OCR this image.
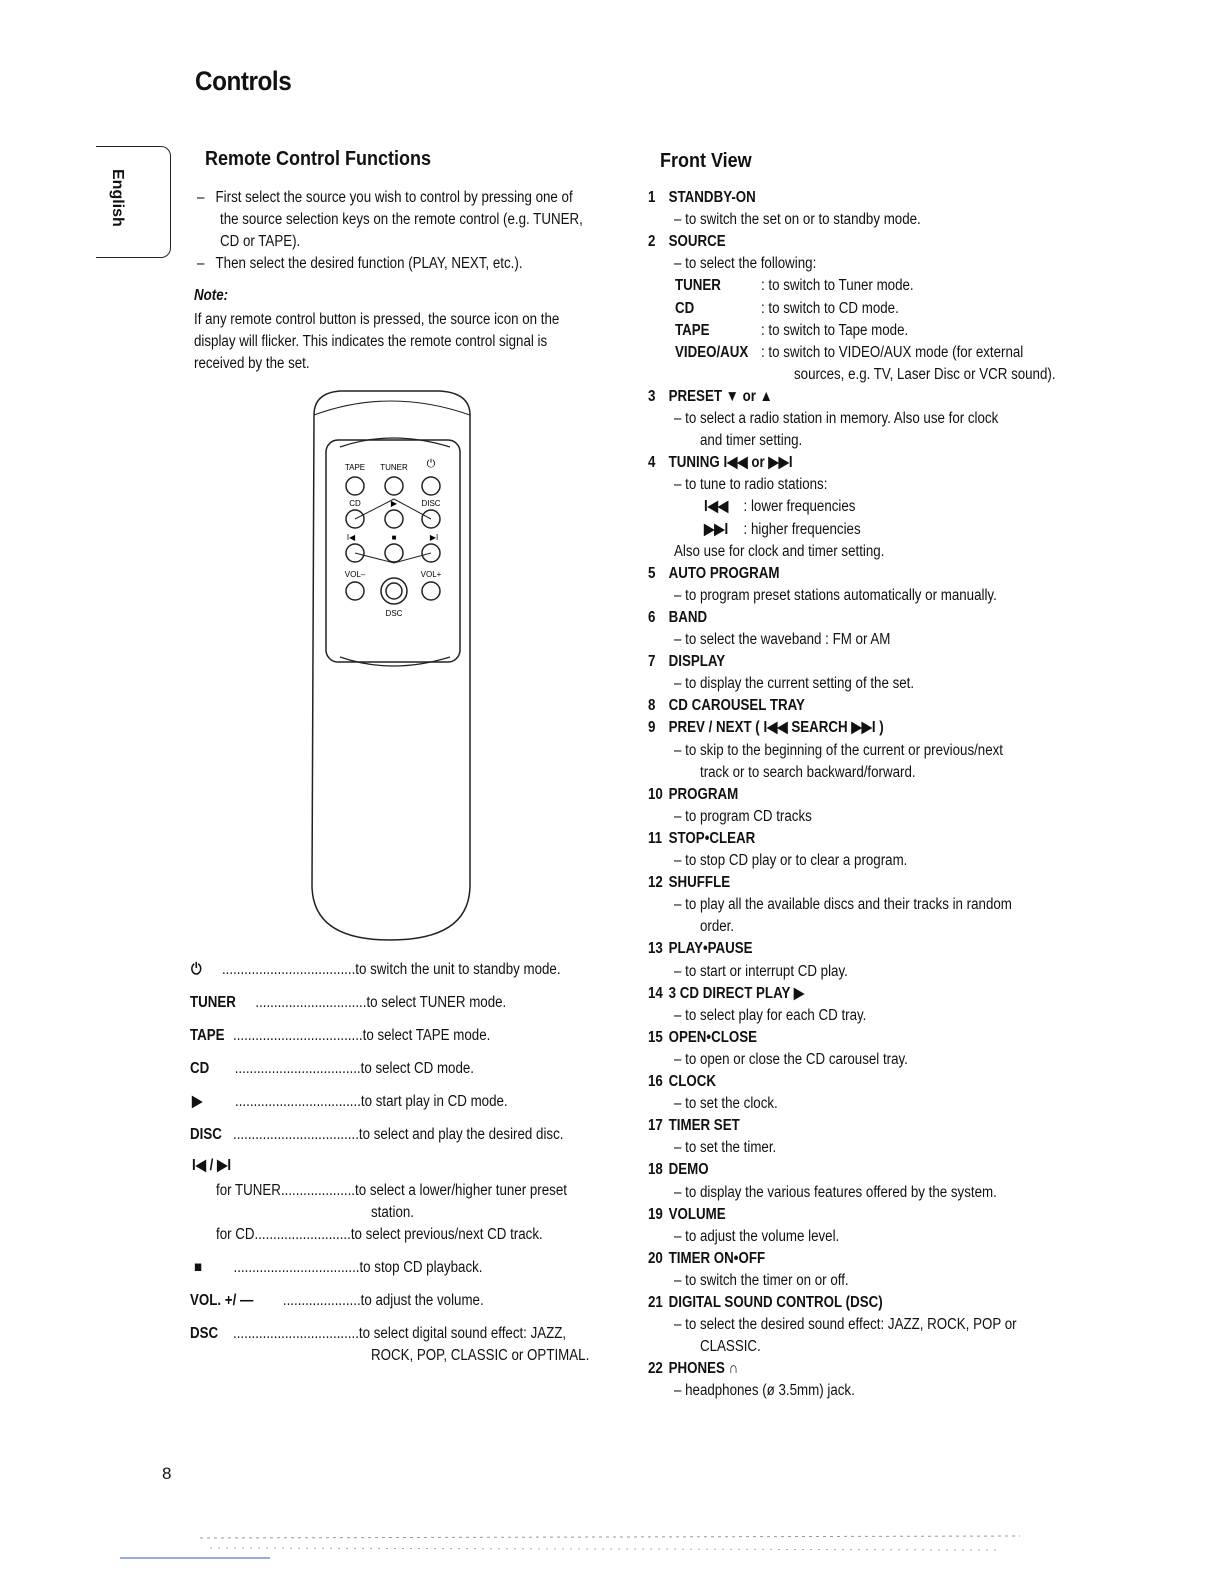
Controls
English
Remote Control Functions
–   First select the source you wish to control by pressing one of
the source selection keys on the remote control (e.g. TUNER,
CD or TAPE).
–   Then select the desired function (PLAY, NEXT, etc.).
Note:
If any remote control button is pressed, the source icon on the
display will flicker. This indicates the remote control signal is
received by the set.
TAPE TUNER ⏻
CD	▶	DISC
I◀	■	▶I
VOL–	VOL+
DSC
⏻ ....................................to switch the unit to standby mode.
TUNER ..............................to select TUNER mode.
TAPE ...................................to select TAPE mode.
CD ..................................to select CD mode.
▶ ..................................to start play in CD mode.
DISC ..................................to select and play the desired disc.
I◀ / ▶I
for TUNER....................to select a lower/higher tuner preset
station.
for CD..........................to select previous/next CD track.
■ ..................................to stop CD playback.
VOL. +/ — .....................to adjust the volume.
DSC ..................................to select digital sound effect: JAZZ,
ROCK, POP, CLASSIC or OPTIMAL.
Front View
1 STANDBY-ON
– to switch the set on or to standby mode.
2 SOURCE
– to select the following:
TUNER	: to switch to Tuner mode.
CD	: to switch to CD mode.
TAPE	: to switch to Tape mode.
VIDEO/AUX : to switch to VIDEO/AUX mode (for external
sources, e.g. TV, Laser Disc or VCR sound).
3 PRESET ▼ or ▲
– to select a radio station in memory. Also use for clock
and timer setting.
4 TUNING I◀◀ or ▶▶I
– to tune to radio stations:
I◀◀ : lower frequencies
▶▶I : higher frequencies
Also use for clock and timer setting.
5 AUTO PROGRAM
– to program preset stations automatically or manually.
6 BAND
– to select the waveband : FM or AM
7 DISPLAY
– to display the current setting of the set.
8 CD CAROUSEL TRAY
9 PREV / NEXT ( I◀◀ SEARCH ▶▶I )
– to skip to the beginning of the current or previous/next
track or to search backward/forward.
10 PROGRAM
– to program CD tracks
11 STOP•CLEAR
– to stop CD play or to clear a program.
12 SHUFFLE
– to play all the available discs and their tracks in random
order.
13 PLAY•PAUSE
– to start or interrupt CD play.
14 3 CD DIRECT PLAY ▶
– to select play for each CD tray.
15 OPEN•CLOSE
– to open or close the CD carousel tray.
16 CLOCK
– to set the clock.
17 TIMER SET
– to set the timer.
18 DEMO
– to display the various features offered by the system.
19 VOLUME
– to adjust the volume level.
20 TIMER ON•OFF
– to switch the timer on or off.
21 DIGITAL SOUND CONTROL (DSC)
– to select the desired sound effect: JAZZ, ROCK, POP or
CLASSIC.
22 PHONES ∩
– headphones (ø 3.5mm) jack.
8
